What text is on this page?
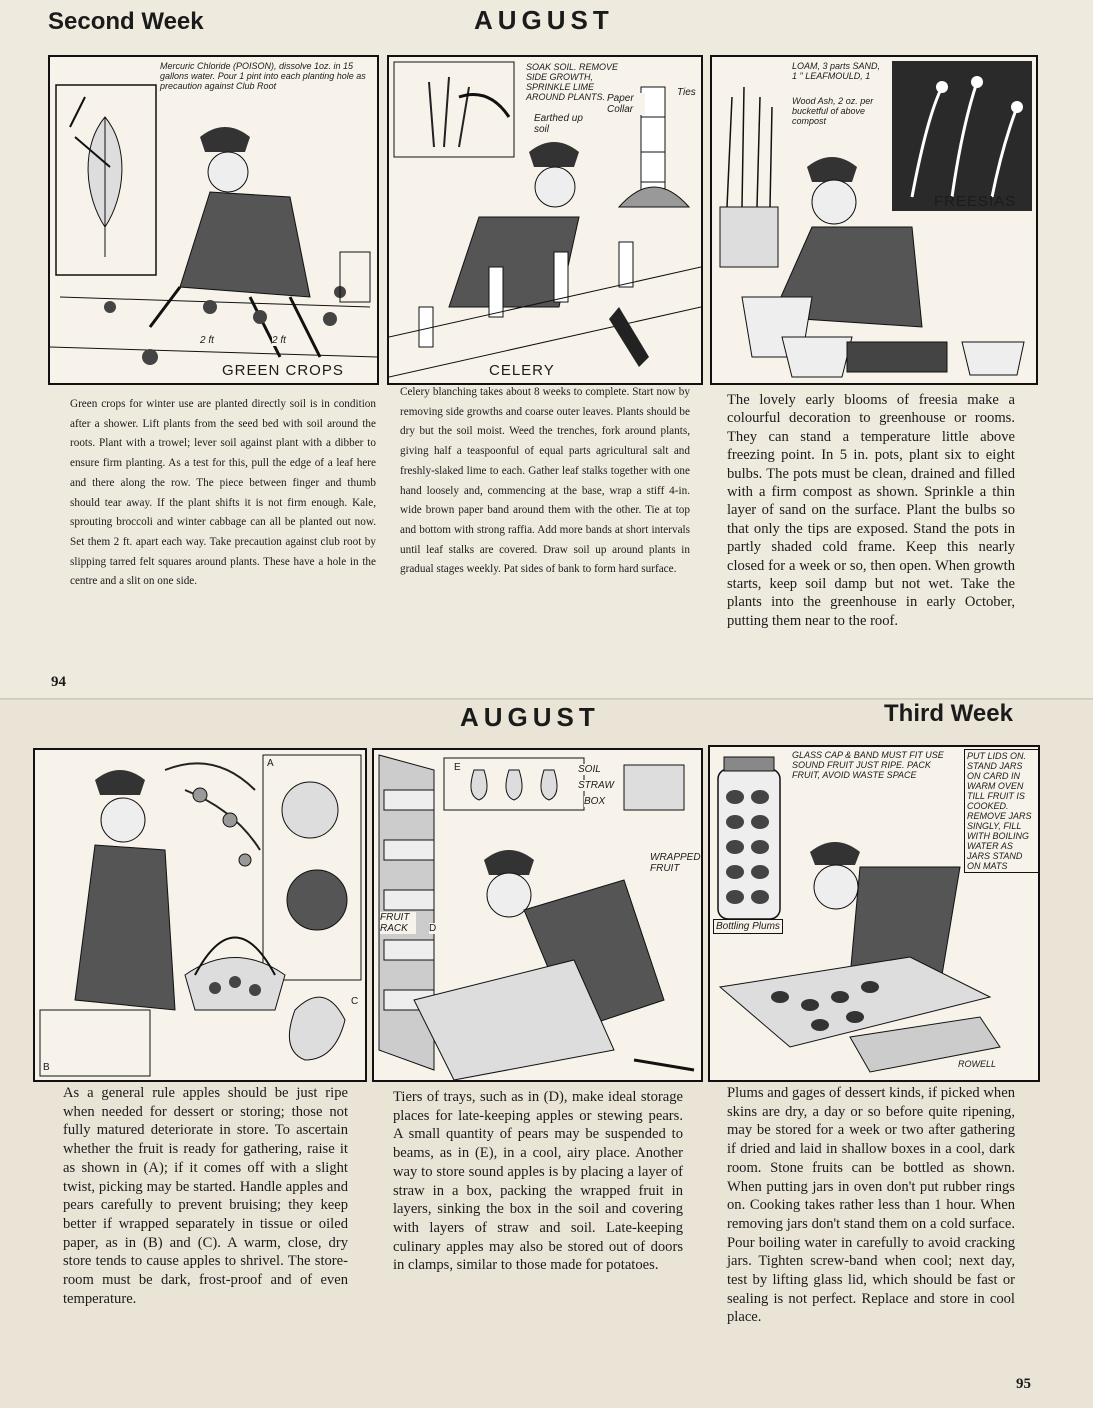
Second Week	AUGUST
Mercuric Chloride (POISON), dissolve 1oz. in 15 gallons water. Pour 1 pint into each planting hole as precaution against Club Root
2 ft	2 ft
GREEN CROPS
SOAK SOIL. REMOVE SIDE GROWTH, SPRINKLE LIME AROUND PLANTS. Paper Collar
Ties
Earthed up soil
CELERY
LOAM, 3 parts SAND, 1 " LEAFMOULD, 1
Wood Ash, 2 oz. per bucketful of above compost
FREESIAS

Green crops for winter use are planted directly soil is in condition after a shower. Lift plants from the seed bed with soil around the roots. Plant with a trowel; lever soil against plant with a dibber to ensure firm planting. As a test for this, pull the edge of a leaf here and there along the row. The piece between finger and thumb should tear away. If the plant shifts it is not firm enough. Kale, sprouting broccoli and winter cabbage can all be planted out now. Set them 2 ft. apart each way. Take precaution against club root by slipping tarred felt squares around plants. These have a hole in the centre and a slit on one side.

Celery blanching takes about 8 weeks to complete. Start now by removing side growths and coarse outer leaves. Plants should be dry but the soil moist. Weed the trenches, fork around plants, giving half a teaspoonful of equal parts agricultural salt and freshly-slaked lime to each. Gather leaf stalks together with one hand loosely and, commencing at the base, wrap a stiff 4-in. wide brown paper band around them with the other. Tie at top and bottom with strong raffia. Add more bands at short intervals until leaf stalks are covered. Draw soil up around plants in gradual stages weekly. Pat sides of bank to form hard surface.

The lovely early blooms of freesia make a colourful decoration to greenhouse or rooms. They can stand a temperature little above freezing point. In 5 in. pots, plant six to eight bulbs. The pots must be clean, drained and filled with a firm compost as shown. Sprinkle a thin layer of sand on the surface. Plant the bulbs so that only the tips are exposed. Stand the pots in partly shaded cold frame. Keep this nearly closed for a week or so, then open. When growth starts, keep soil damp but not wet. Take the plants into the greenhouse in early October, putting them near to the roof.

94
AUGUST	Third Week
A
B
C
E	SOIL
STRAW
BOX
WRAPPED FRUIT
FRUIT RACK	D
GLASS CAP & BAND MUST FIT USE SOUND FRUIT JUST RIPE. PACK FRUIT, AVOID WASTE SPACE
PUT LIDS ON. STAND JARS ON CARD IN WARM OVEN TILL FRUIT IS COOKED. REMOVE JARS SINGLY, FILL WITH BOILING WATER AS JARS STAND ON MATS
Bottling Plums
ROWELL

As a general rule apples should be just ripe when needed for dessert or storing; those not fully matured deteriorate in store. To ascertain whether the fruit is ready for gathering, raise it as shown in (A); if it comes off with a slight twist, picking may be started. Handle apples and pears carefully to prevent bruising; they keep better if wrapped separately in tissue or oiled paper, as in (B) and (C). A warm, close, dry store tends to cause apples to shrivel. The store-room must be dark, frost-proof and of even temperature.

Tiers of trays, such as in (D), make ideal storage places for late-keeping apples or stewing pears. A small quantity of pears may be suspended to beams, as in (E), in a cool, airy place. Another way to store sound apples is by placing a layer of straw in a box, packing the wrapped fruit in layers, sinking the box in the soil and covering with layers of straw and soil. Late-keeping culinary apples may also be stored out of doors in clamps, similar to those made for potatoes.

Plums and gages of dessert kinds, if picked when skins are dry, a day or so before quite ripening, may be stored for a week or two after gathering if dried and laid in shallow boxes in a cool, dark room. Stone fruits can be bottled as shown. When putting jars in oven don't put rubber rings on. Cooking takes rather less than 1 hour. When removing jars don't stand them on a cold surface. Pour boiling water in carefully to avoid cracking jars. Tighten screw-band when cool; next day, test by lifting glass lid, which should be fast or sealing is not perfect. Replace and store in cool place.

95
